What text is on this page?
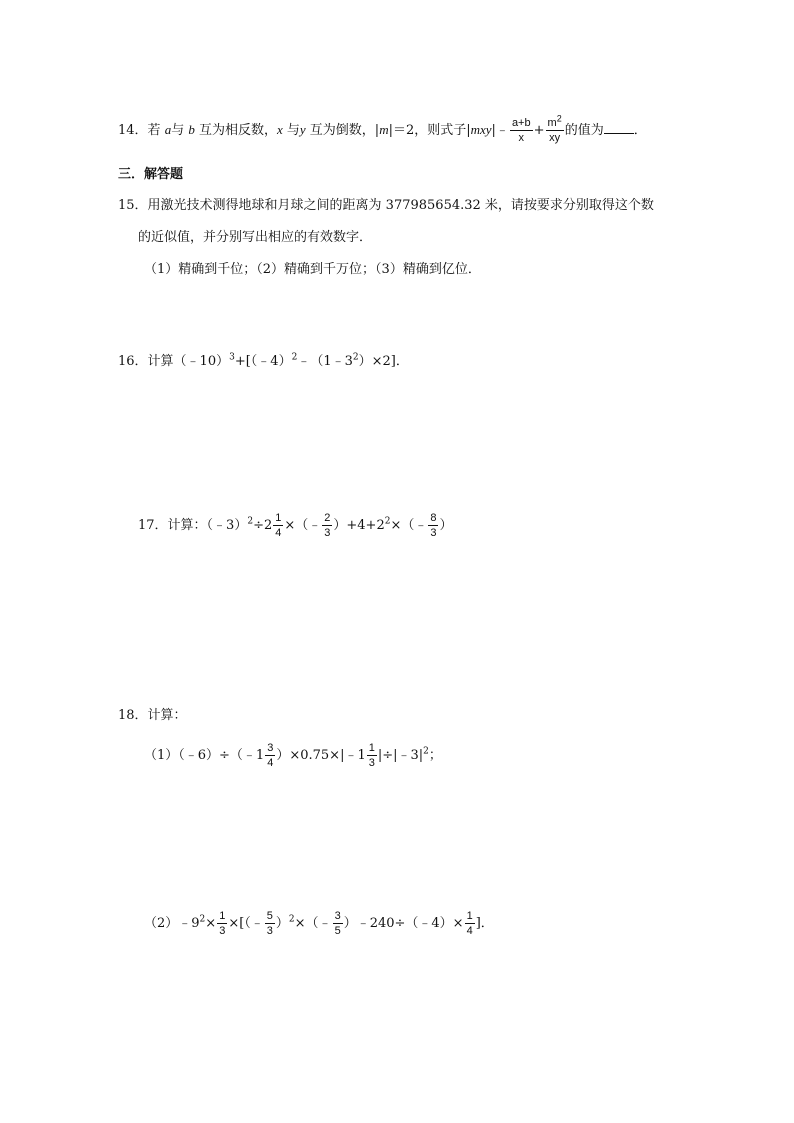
14．若 a与 b 互为相反数，x 与y 互为倒数，|m|＝2，则式子|mxy|﹣ $\frac{a+b}{x} + \frac{m^2}{xy}$ 的值为 ．
三．解答题
15．用激光技术测得地球和月球之间的距离为 377985654.32 米，请按要求分别取得这个数
的近似值，并分别写出相应的有效数字．
（1）精确到千位；（2）精确到千万位；（3）精确到亿位．
16．计算$(﹣10)^3+[(﹣4)^2﹣(1﹣3^2)\times 2]$．
17．计算：（﹣3）$^2$÷2 $\frac{1}{4}$ ×（﹣ $\frac{2}{3}$ ）$+4+2^2\times(﹣ \frac{8}{3}$ ）
18．计算：
（1）（﹣6）÷（﹣1 $\frac{3}{4}$ ）×0.75×|﹣1 $\frac{1}{3}$ $|\div|﹣3|^2$；
$(2)﹣9^2\times \frac{1}{3}$ ×[（﹣ $\frac{5}{3}$ ）$^2$×（﹣ $\frac{3}{5}$ ）﹣240÷（﹣4）× $\frac{1}{4}$ ]．
